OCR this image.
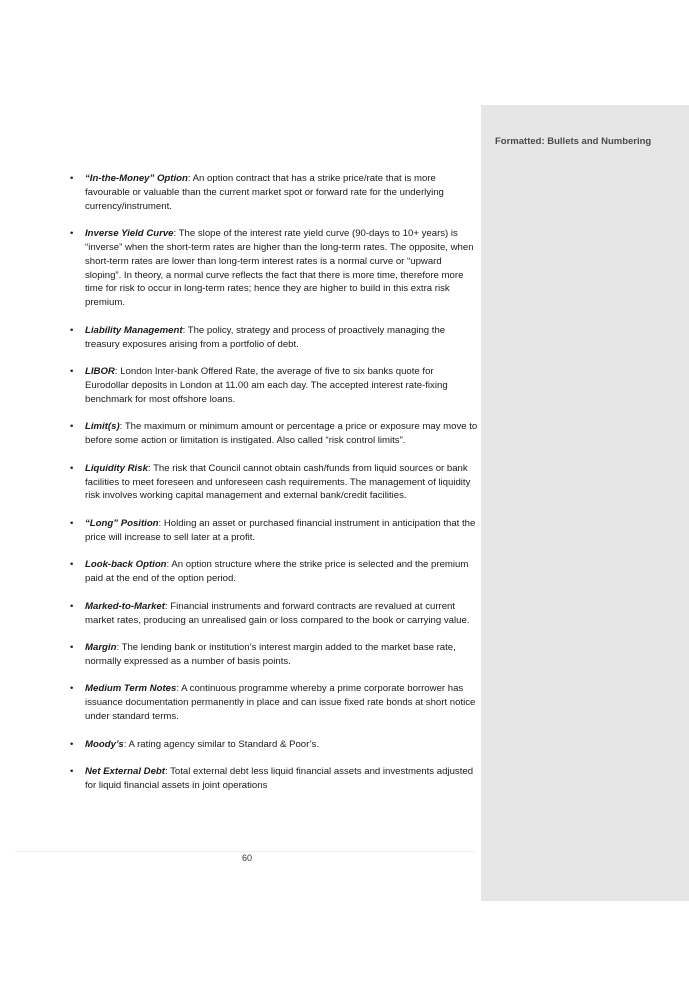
Formatted: Bullets and Numbering
• “In-the-Money” Option: An option contract that has a strike price/rate that is more favourable or valuable than the current market spot or forward rate for the underlying currency/instrument.
• Inverse Yield Curve: The slope of the interest rate yield curve (90-days to 10+ years) is “inverse” when the short-term rates are higher than the long-term rates. The opposite, when short-term rates are lower than long-term interest rates is a normal curve or “upward sloping”. In theory, a normal curve reflects the fact that there is more time, therefore more time for risk to occur in long-term rates; hence they are higher to build in this extra risk premium.
• Liability Management: The policy, strategy and process of proactively managing the treasury exposures arising from a portfolio of debt.
• LIBOR: London Inter-bank Offered Rate, the average of five to six banks quote for Eurodollar deposits in London at 11.00 am each day. The accepted interest rate-fixing benchmark for most offshore loans.
• Limit(s): The maximum or minimum amount or percentage a price or exposure may move to before some action or limitation is instigated. Also called “risk control limits”.
• Liquidity Risk: The risk that Council cannot obtain cash/funds from liquid sources or bank facilities to meet foreseen and unforeseen cash requirements. The management of liquidity risk involves working capital management and external bank/credit facilities.
• “Long” Position: Holding an asset or purchased financial instrument in anticipation that the price will increase to sell later at a profit.
• Look-back Option: An option structure where the strike price is selected and the premium paid at the end of the option period.
• Marked-to-Market: Financial instruments and forward contracts are revalued at current market rates, producing an unrealised gain or loss compared to the book or carrying value.
• Margin: The lending bank or institution’s interest margin added to the market base rate, normally expressed as a number of basis points.
• Medium Term Notes: A continuous programme whereby a prime corporate borrower has issuance documentation permanently in place and can issue fixed rate bonds at short notice under standard terms.
• Moody’s: A rating agency similar to Standard & Poor’s.
• Net External Debt: Total external debt less liquid financial assets and investments adjusted for liquid financial assets in joint operations
60
